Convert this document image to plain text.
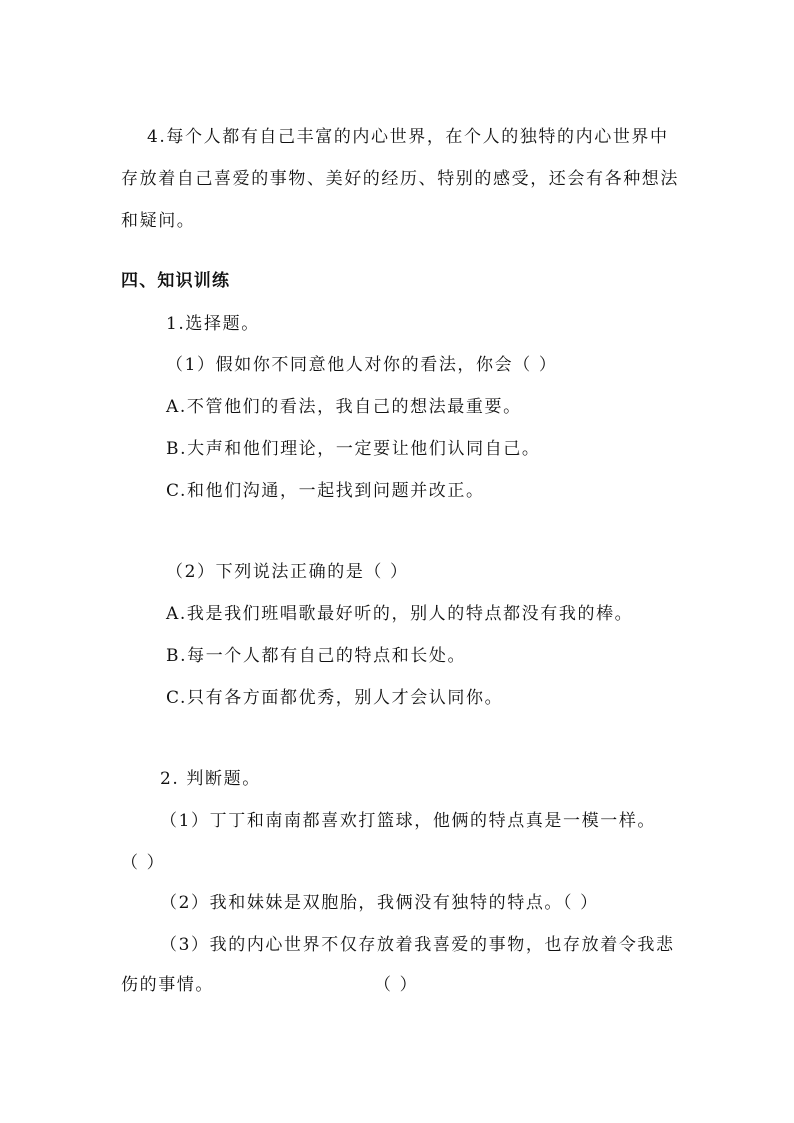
4.每个人都有自己丰富的内心世界，在个人的独特的内心世界中
存放着自己喜爱的事物、美好的经历、特别的感受，还会有各种想法
和疑问。
四、知识训练
1.选择题。
（1）假如你不同意他人对你的看法，你会（ ）
A.不管他们的看法，我自己的想法最重要。
B.大声和他们理论，一定要让他们认同自己。
C.和他们沟通，一起找到问题并改正。
（2）下列说法正确的是（ ）
A.我是我们班唱歌最好听的，别人的特点都没有我的棒。
B.每一个人都有自己的特点和长处。
C.只有各方面都优秀，别人才会认同你。
2. 判断题。
（1）丁丁和南南都喜欢打篮球，他俩的特点真是一模一样。
（ ）
（2）我和妹妹是双胞胎，我俩没有独特的特点。（ ）
（3）我的内心世界不仅存放着我喜爱的事物，也存放着令我悲
伤的事情。	（ ）
